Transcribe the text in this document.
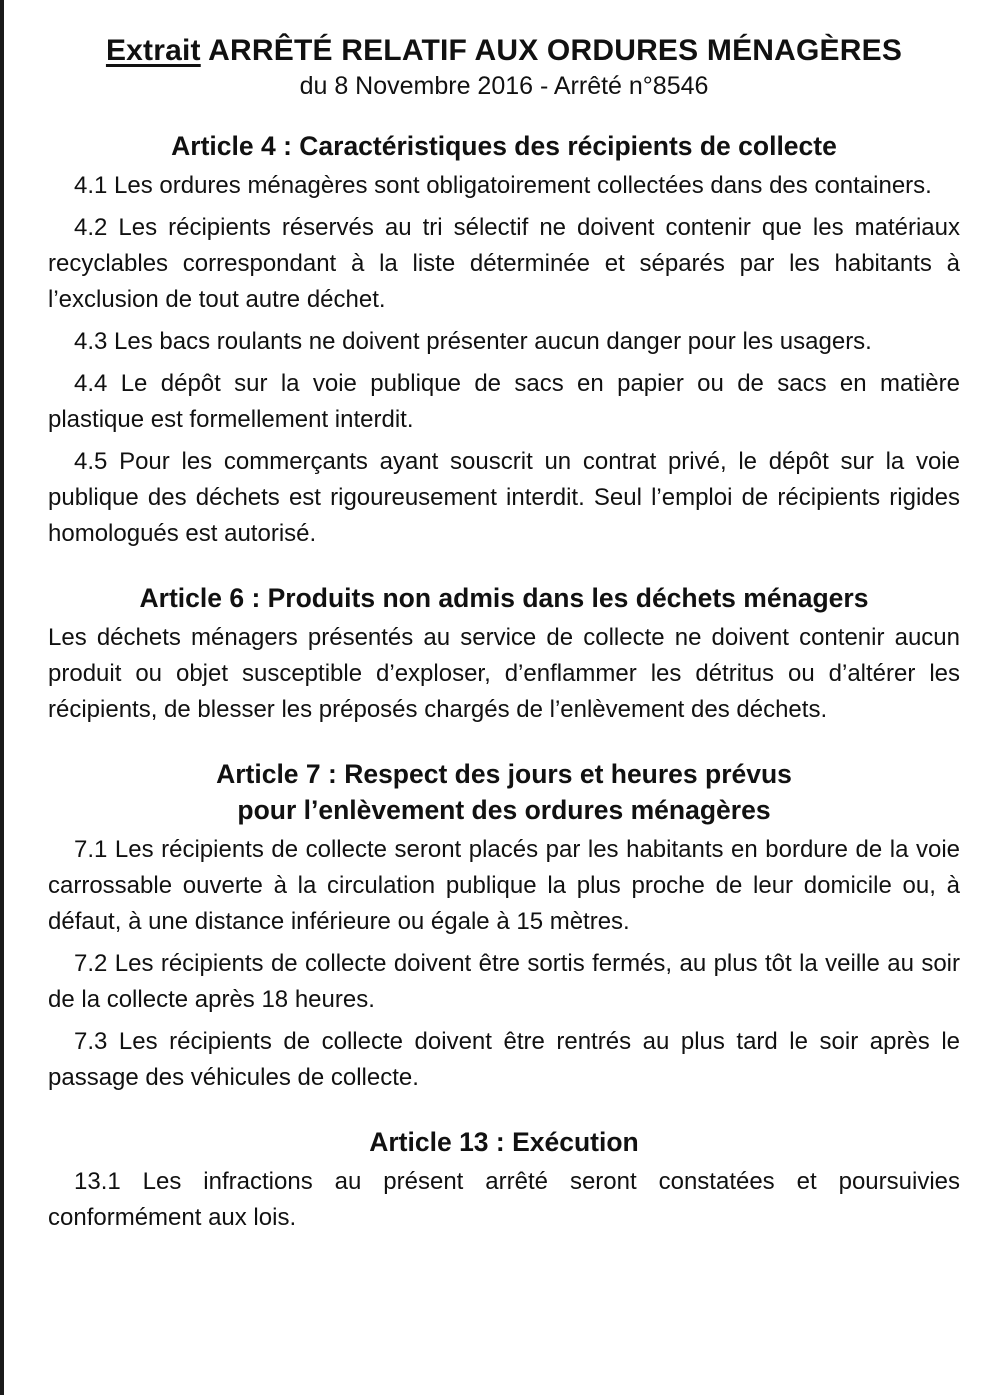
Extrait ARRÊTÉ RELATIF AUX ORDURES MÉNAGÈRES
du 8 Novembre 2016 - Arrêté n°8546
Article 4 : Caractéristiques des récipients de collecte

4.1 Les ordures ménagères sont obligatoirement collectées dans des containers.

4.2 Les récipients réservés au tri sélectif ne doivent contenir que les matériaux recyclables correspondant à la liste déterminée et séparés par les habitants à l’exclusion de tout autre déchet.

4.3 Les bacs roulants ne doivent présenter aucun danger pour les usagers.

4.4 Le dépôt sur la voie publique de sacs en papier ou de sacs en matière plastique est formellement interdit.

4.5 Pour les commerçants ayant souscrit un contrat privé, le dépôt sur la voie publique des déchets est rigoureusement interdit. Seul l’emploi de récipients rigides homologués est autorisé.

Article 6 : Produits non admis dans les déchets ménagers

Les déchets ménagers présentés au service de collecte ne doivent contenir aucun produit ou objet susceptible d’exploser, d’enflammer les détritus ou d’altérer les récipients, de blesser les préposés chargés de l’enlèvement des déchets.

Article 7 : Respect des jours et heures prévus
pour l’enlèvement des ordures ménagères

7.1 Les récipients de collecte seront placés par les habitants en bordure de la voie carrossable ouverte à la circulation publique la plus proche de leur domicile ou, à défaut, à une distance inférieure ou égale à 15 mètres.

7.2 Les récipients de collecte doivent être sortis fermés, au plus tôt la veille au soir de la collecte après 18 heures.

7.3 Les récipients de collecte doivent être rentrés au plus tard le soir après le passage des véhicules de collecte.

Article 13 : Exécution

13.1 Les infractions au présent arrêté seront constatées et poursuivies conformément aux lois.
